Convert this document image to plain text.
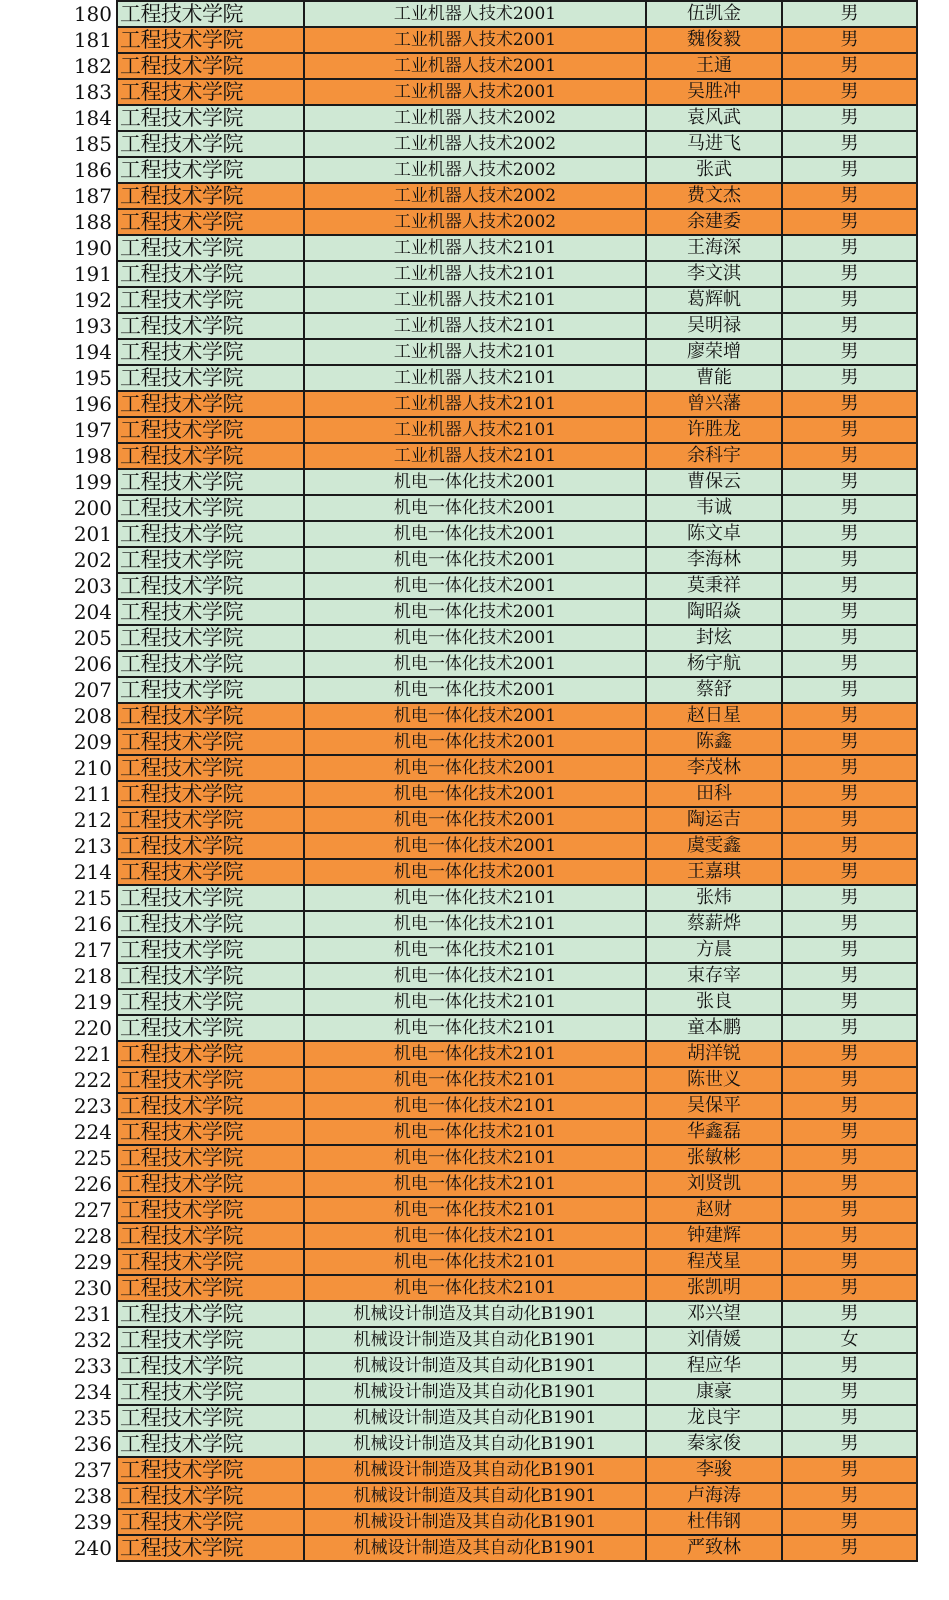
180	工程技术学院	工业机器人技术2001	伍凯金	男
181	工程技术学院	工业机器人技术2001	魏俊毅	男
182	工程技术学院	工业机器人技术2001	王通	男
183	工程技术学院	工业机器人技术2001	吴胜冲	男
184	工程技术学院	工业机器人技术2002	袁风武	男
185	工程技术学院	工业机器人技术2002	马进飞	男
186	工程技术学院	工业机器人技术2002	张武	男
187	工程技术学院	工业机器人技术2002	费文杰	男
188	工程技术学院	工业机器人技术2002	余建委	男
190	工程技术学院	工业机器人技术2101	王海深	男
191	工程技术学院	工业机器人技术2101	李文淇	男
192	工程技术学院	工业机器人技术2101	葛辉帆	男
193	工程技术学院	工业机器人技术2101	吴明禄	男
194	工程技术学院	工业机器人技术2101	廖荣增	男
195	工程技术学院	工业机器人技术2101	曹能	男
196	工程技术学院	工业机器人技术2101	曾兴藩	男
197	工程技术学院	工业机器人技术2101	许胜龙	男
198	工程技术学院	工业机器人技术2101	余科宇	男
199	工程技术学院	机电一体化技术2001	曹保云	男
200	工程技术学院	机电一体化技术2001	韦诚	男
201	工程技术学院	机电一体化技术2001	陈文卓	男
202	工程技术学院	机电一体化技术2001	李海林	男
203	工程技术学院	机电一体化技术2001	莫秉祥	男
204	工程技术学院	机电一体化技术2001	陶昭焱	男
205	工程技术学院	机电一体化技术2001	封炫	男
206	工程技术学院	机电一体化技术2001	杨宇航	男
207	工程技术学院	机电一体化技术2001	蔡舒	男
208	工程技术学院	机电一体化技术2001	赵日星	男
209	工程技术学院	机电一体化技术2001	陈鑫	男
210	工程技术学院	机电一体化技术2001	李茂林	男
211	工程技术学院	机电一体化技术2001	田科	男
212	工程技术学院	机电一体化技术2001	陶运吉	男
213	工程技术学院	机电一体化技术2001	虞雯鑫	男
214	工程技术学院	机电一体化技术2001	王嘉琪	男
215	工程技术学院	机电一体化技术2101	张炜	男
216	工程技术学院	机电一体化技术2101	蔡薪烨	男
217	工程技术学院	机电一体化技术2101	方晨	男
218	工程技术学院	机电一体化技术2101	束存宰	男
219	工程技术学院	机电一体化技术2101	张良	男
220	工程技术学院	机电一体化技术2101	童本鹏	男
221	工程技术学院	机电一体化技术2101	胡洋锐	男
222	工程技术学院	机电一体化技术2101	陈世义	男
223	工程技术学院	机电一体化技术2101	吴保平	男
224	工程技术学院	机电一体化技术2101	华鑫磊	男
225	工程技术学院	机电一体化技术2101	张敏彬	男
226	工程技术学院	机电一体化技术2101	刘贤凯	男
227	工程技术学院	机电一体化技术2101	赵财	男
228	工程技术学院	机电一体化技术2101	钟建辉	男
229	工程技术学院	机电一体化技术2101	程茂星	男
230	工程技术学院	机电一体化技术2101	张凯明	男
231	工程技术学院	机械设计制造及其自动化B1901	邓兴望	男
232	工程技术学院	机械设计制造及其自动化B1901	刘倩媛	女
233	工程技术学院	机械设计制造及其自动化B1901	程应华	男
234	工程技术学院	机械设计制造及其自动化B1901	康豪	男
235	工程技术学院	机械设计制造及其自动化B1901	龙良宇	男
236	工程技术学院	机械设计制造及其自动化B1901	秦家俊	男
237	工程技术学院	机械设计制造及其自动化B1901	李骏	男
238	工程技术学院	机械设计制造及其自动化B1901	卢海涛	男
239	工程技术学院	机械设计制造及其自动化B1901	杜伟钢	男
240	工程技术学院	机械设计制造及其自动化B1901	严致林	男
